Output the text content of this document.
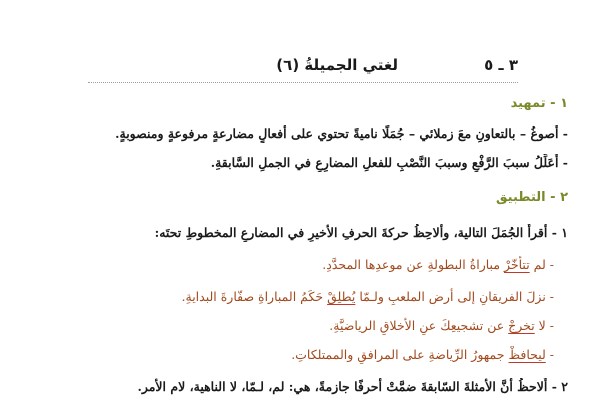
٣ ـ ٥
لغتي الجميلةُ (٦)
١ - تمهيد
- أَصوغُ – بالتعاونِ معَ زملائي – جُمَلًا ناميةً تحتوي على أفعالٍ مضارعةٍ مرفوعةٍ ومنصوبةٍ.
- أُعَلِّلُ سببَ الرَّفْعِ وسببَ النَّصْبِ للفعلِ المضارِعِ في الجملِ السَّابقةِ.
٢ - التطبيق
١ - أقرأُ الجُمَلَ التالية، وألاحِظُ حركةَ الحرفِ الأخيرِ في المضارعِ المخطوطِ تحتَه:
- لم تتأخّرْ مباراةُ البطولةِ عن موعدِها المحدَّدِ.
- نزلَ الفريقانِ إلى أرضِ الملعبِ ولـمّا يُطلِقْ حَكَمُ المباراةِ صفّارةَ البدايةِ.
- لا تخرجْ عن تشجيعِكَ عنِ الأخلاقِ الرياضيَّةِ.
- ليحافظْ جمهورُ الرِّياضةِ على المرافقِ والممتلكاتِ.
٢ - أُلاحظُ أنَّ الأمثلةَ السّابقةَ ضمَّتْ أحرفًا جازمةً، هي: لم، لـمّا، لا الناهية، لام الأمر.
